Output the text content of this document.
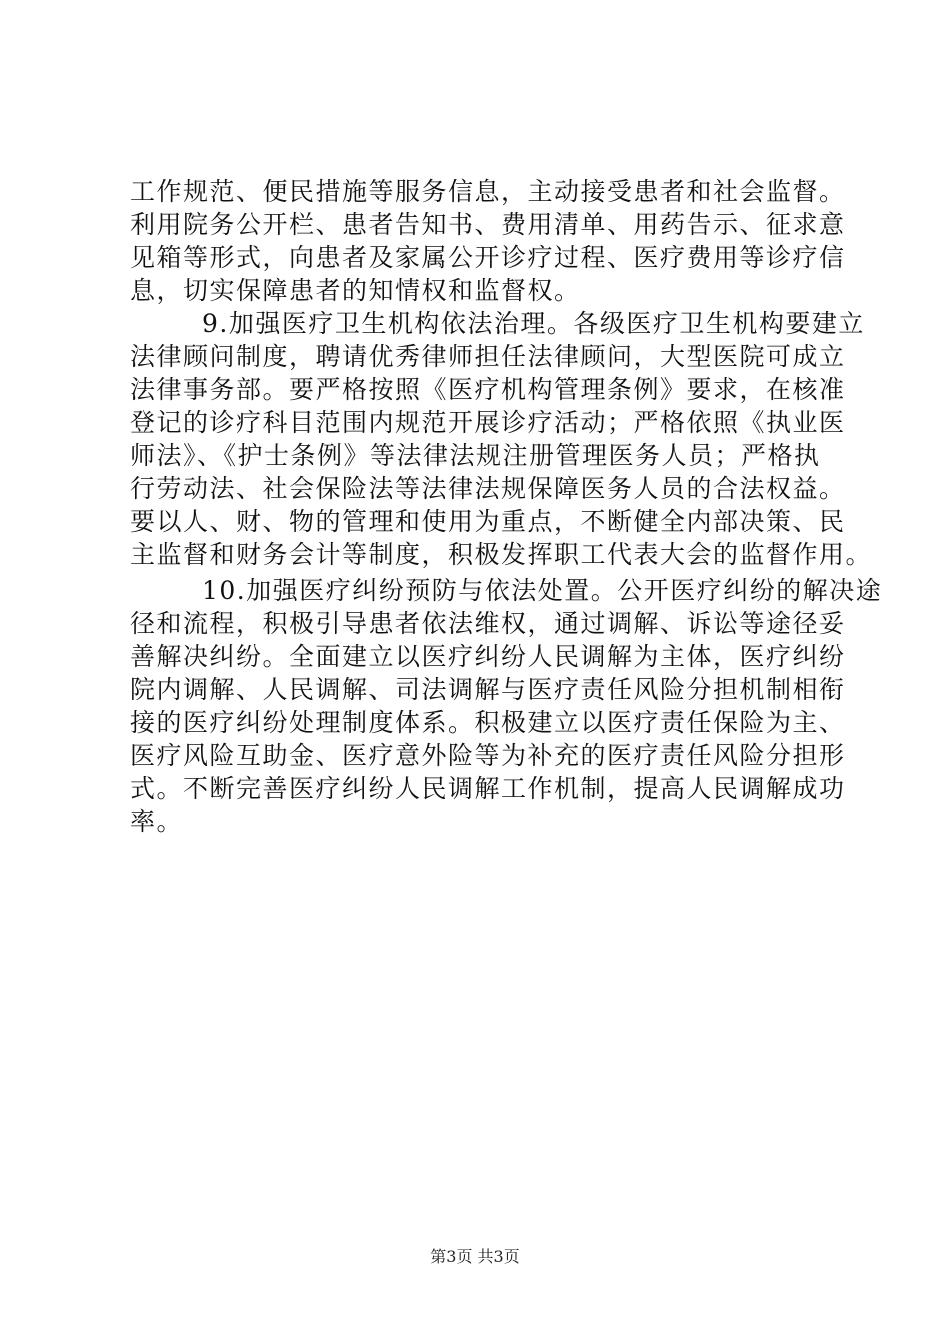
工作规范、便民措施等服务信息，主动接受患者和社会监督。
利用院务公开栏、患者告知书、费用清单、用药告示、征求意
见箱等形式，向患者及家属公开诊疗过程、医疗费用等诊疗信
息，切实保障患者的知情权和监督权。
9.加强医疗卫生机构依法治理。各级医疗卫生机构要建立
法律顾问制度，聘请优秀律师担任法律顾问，大型医院可成立
法律事务部。要严格按照《医疗机构管理条例》要求，在核准
登记的诊疗科目范围内规范开展诊疗活动；严格依照《执业医
师法》、《护士条例》等法律法规注册管理医务人员；严格执
行劳动法、社会保险法等法律法规保障医务人员的合法权益。
要以人、财、物的管理和使用为重点，不断健全内部决策、民
主监督和财务会计等制度，积极发挥职工代表大会的监督作用。
10.加强医疗纠纷预防与依法处置。公开医疗纠纷的解决途
径和流程，积极引导患者依法维权，通过调解、诉讼等途径妥
善解决纠纷。全面建立以医疗纠纷人民调解为主体，医疗纠纷
院内调解、人民调解、司法调解与医疗责任风险分担机制相衔
接的医疗纠纷处理制度体系。积极建立以医疗责任保险为主、
医疗风险互助金、医疗意外险等为补充的医疗责任风险分担形
式。不断完善医疗纠纷人民调解工作机制，提高人民调解成功
率。
第3页 共3页
